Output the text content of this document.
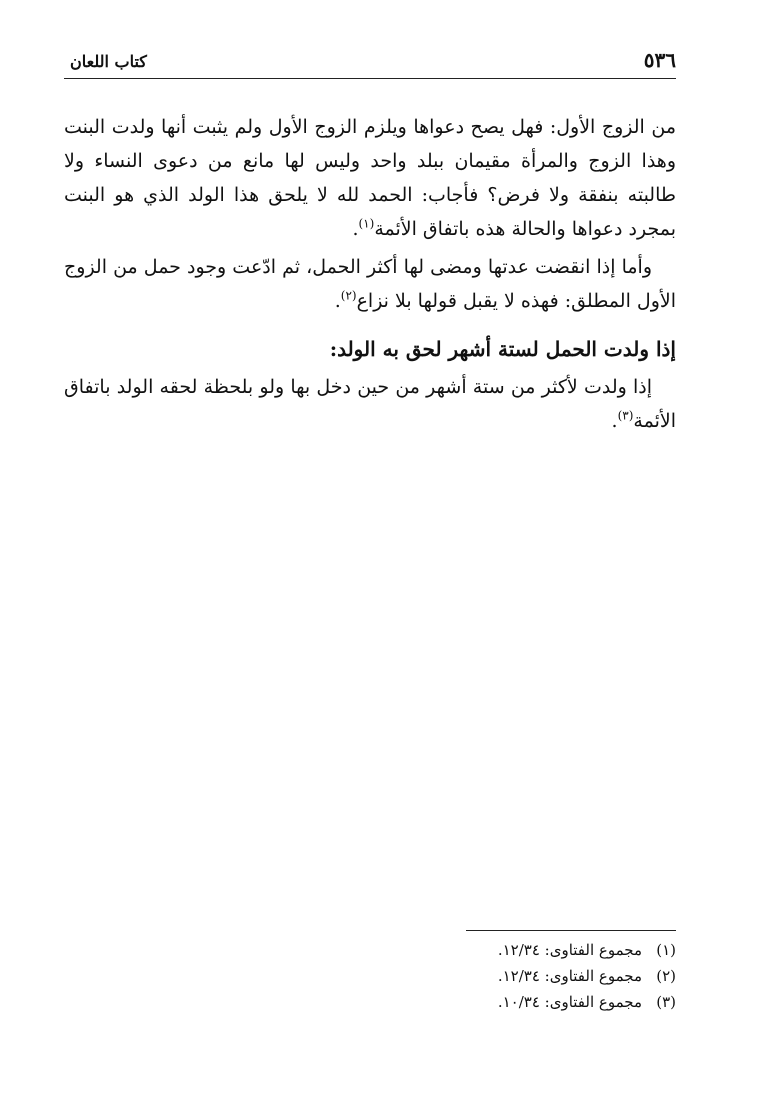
٥٣٦
كتاب اللعان

من الزوج الأول: فهل يصح دعواها ويلزم الزوج الأول ولم يثبت أنها ولدت البنت وهذا الزوج والمرأة مقيمان ببلد واحد وليس لها مانع من دعوى النساء ولا طالبته بنفقة ولا فرض؟ فأجاب: الحمد لله لا يلحق هذا الولد الذي هو البنت بمجرد دعواها والحالة هذه باتفاق الأئمة$^{(١)}$.

وأما إذا انقضت عدتها ومضى لها أكثر الحمل، ثم ادّعت وجود حمل من الزوج الأول المطلق: فهذه لا يقبل قولها بلا نزاع$^{(٢)}$.

إذا ولدت الحمل لستة أشهر لحق به الولد:

إذا ولدت لأكثر من ستة أشهر من حين دخل بها ولو بلحظة لحقه الولد باتفاق الأئمة$^{(٣)}$.

(١)مجموع الفتاوى: ١٢/٣٤.
(٢)مجموع الفتاوى: ١٢/٣٤.
(٣)مجموع الفتاوى: ١٠/٣٤.
